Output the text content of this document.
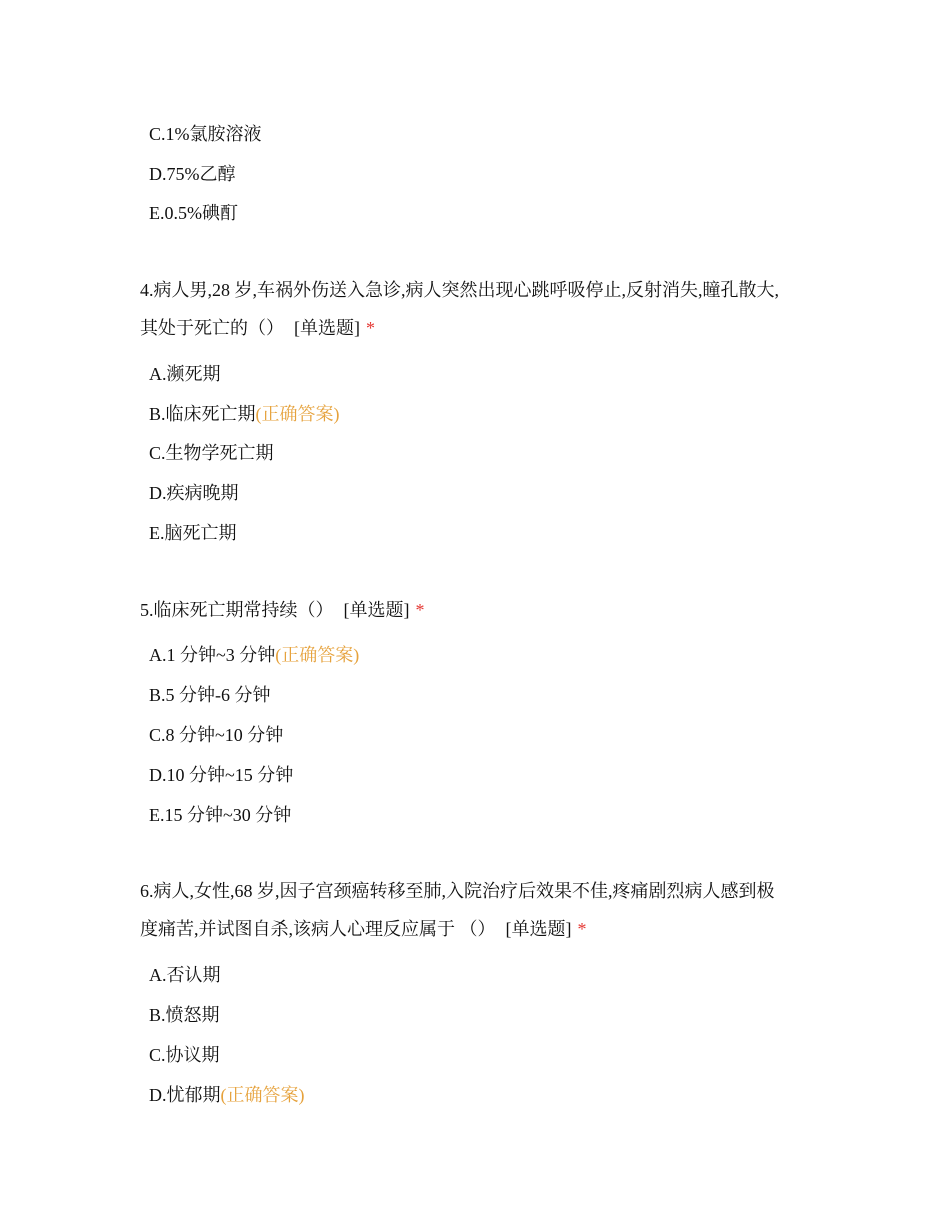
C.1%氯胺溶液
D.75%乙醇
E.0.5%碘酊
4.病人男,28 岁,车祸外伤送入急诊,病人突然出现心跳呼吸停止,反射消失,瞳孔散大,
其处于死亡的（） [单选题] *
A.濒死期
B.临床死亡期(正确答案)
C.生物学死亡期
D.疾病晚期
E.脑死亡期
5.临床死亡期常持续（） [单选题] *
A.1 分钟~3 分钟(正确答案)
B.5 分钟-6 分钟
C.8 分钟~10 分钟
D.10 分钟~15 分钟
E.15 分钟~30 分钟
6.病人,女性,68 岁,因子宫颈癌转移至肺,入院治疗后效果不佳,疼痛剧烈病人感到极
度痛苦,并试图自杀,该病人心理反应属于 （） [单选题] *
A.否认期
B.愤怒期
C.协议期
D.忧郁期(正确答案)
